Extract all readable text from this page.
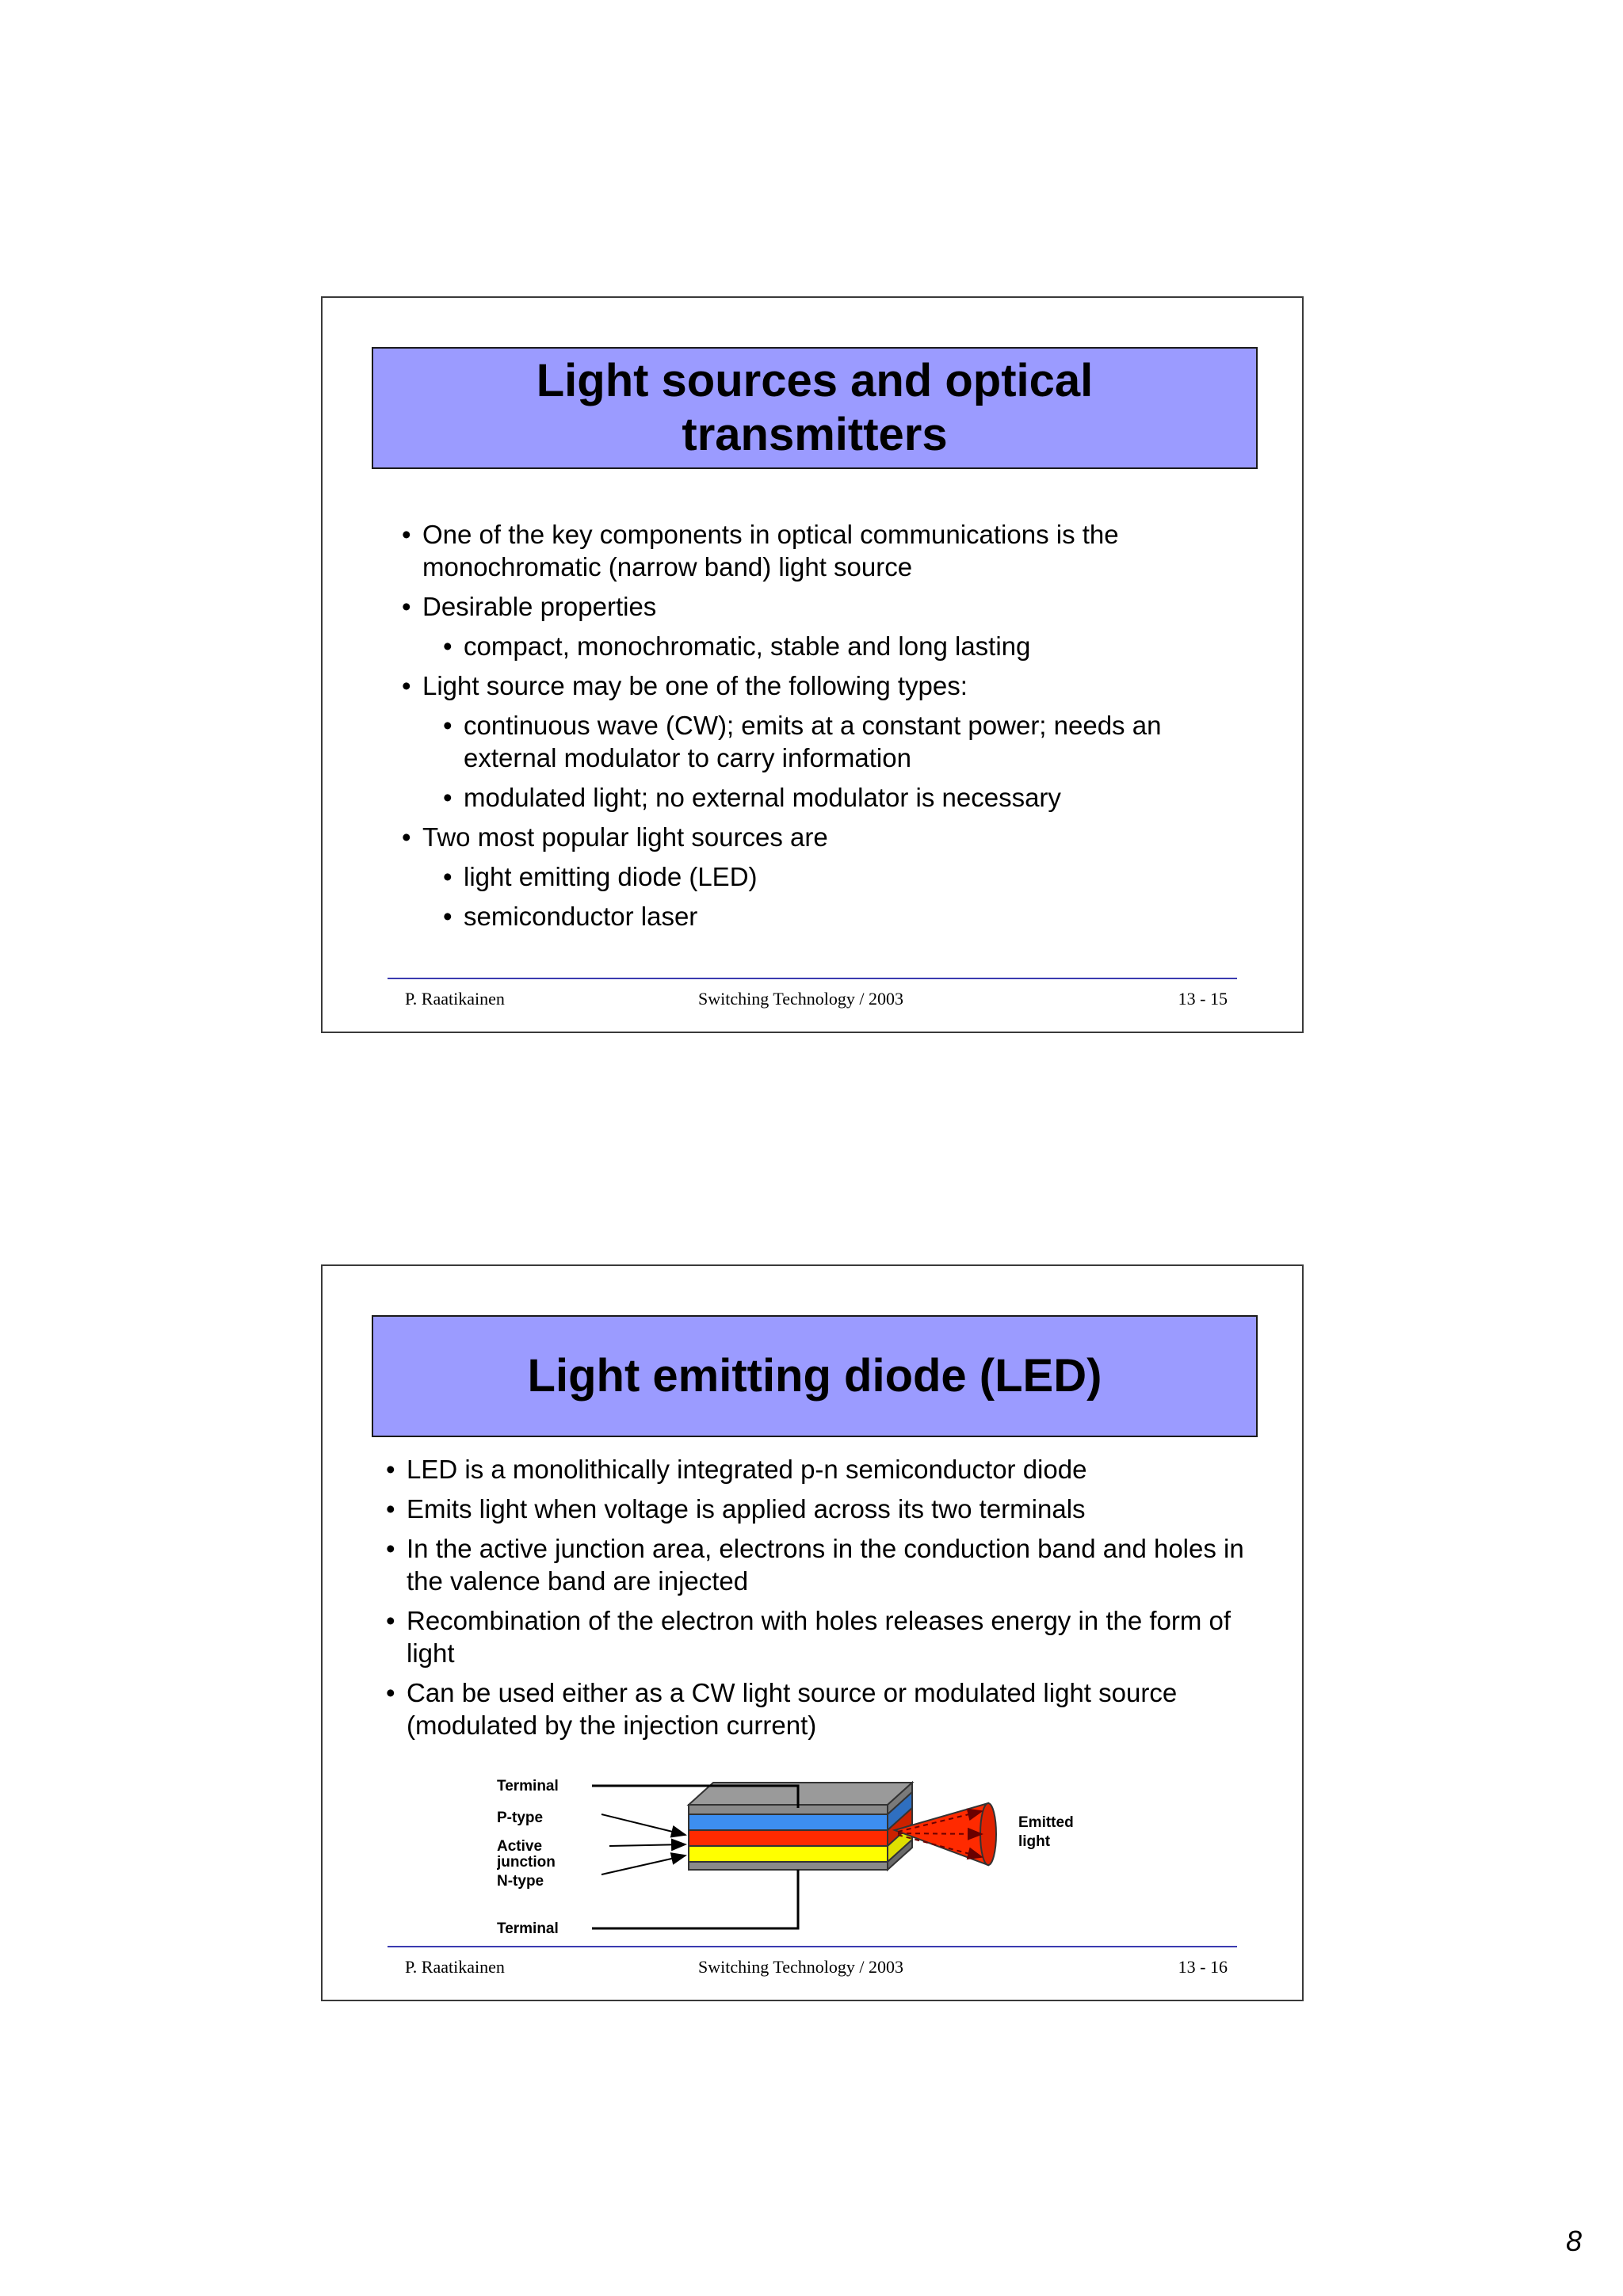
Light sources and optical
transmitters
• One of the key components in optical communications is the monochromatic (narrow band) light source
• Desirable properties
• compact, monochromatic, stable and long lasting
• Light source may be one of the following types:
• continuous wave (CW); emits at a constant power; needs an external modulator to carry information
• modulated light; no external modulator is necessary
• Two most popular light sources are
• light emitting diode (LED)
• semiconductor laser
P. Raatikainen	Switching Technology / 2003	13 - 15
Light emitting diode (LED)
• LED is a monolithically integrated p-n semiconductor diode
• Emits light when voltage is applied across its two terminals
• In the active junction area, electrons in the conduction band and holes in the valence band are injected
• Recombination of the electron with holes releases energy in the form of light
• Can be used either as a CW light source or modulated light source (modulated by the injection current)
Terminal
P-type
Active
junction
N-type
Terminal
Emitted
light
P. Raatikainen	Switching Technology / 2003	13 - 16
8
